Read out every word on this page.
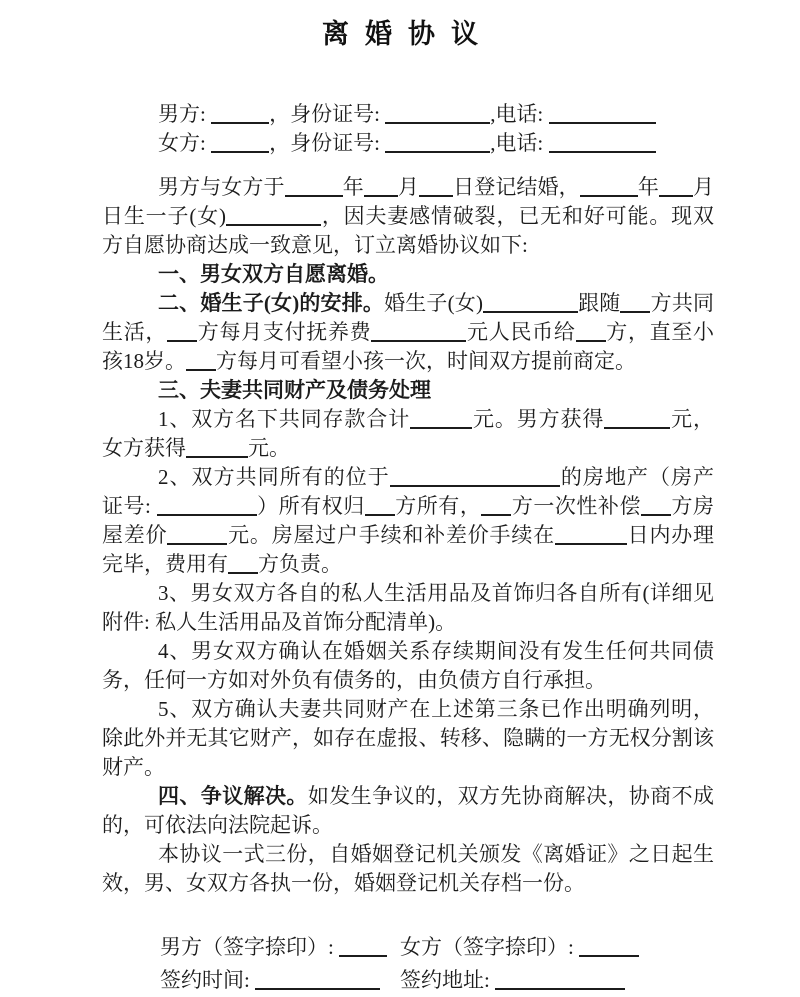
离婚协议

男方:	，身份证号:	,电话:

女方:	，身份证号:	,电话:

男方与女方于	年 月 日登记结婚，	年 月日生一子(女)	，因夫妻感情破裂，已无和好可能。现双方自愿协商达成一致意见，订立离婚协议如下:

一、男女双方自愿离婚。

二、婚生子(女)的安排。婚生子(女)	跟随 方共同生活， 方每月支付抚养费	元人民币给 方，直至小孩18岁。 方每月可看望小孩一次，时间双方提前商定。

三、夫妻共同财产及债务处理

1、双方名下共同存款合计	元。男方获得	元，女方获得	元。

2、双方共同所有的位于	的房地产（房产证号:	）所有权归 方所有， 方一次性补偿 方房屋差价	元。房屋过户手续和补差价手续在	日内办理完毕，费用有 方负责。

3、男女双方各自的私人生活用品及首饰归各自所有(详细见附件: 私人生活用品及首饰分配清单)。

4、男女双方确认在婚姻关系存续期间没有发生任何共同债务，任何一方如对外负有债务的，由负债方自行承担。

5、双方确认夫妻共同财产在上述第三条已作出明确列明，除此外并无其它财产，如存在虚报、转移、隐瞒的一方无权分割该财产。

四、争议解决。如发生争议的，双方先协商解决，协商不成的，可依法向法院起诉。

本协议一式三份，自婚姻登记机关颁发《离婚证》之日起生效，男、女双方各执一份，婚姻登记机关存档一份。

男方（签字捺印）:	女方（签字捺印）:
签约时间:	签约地址:
